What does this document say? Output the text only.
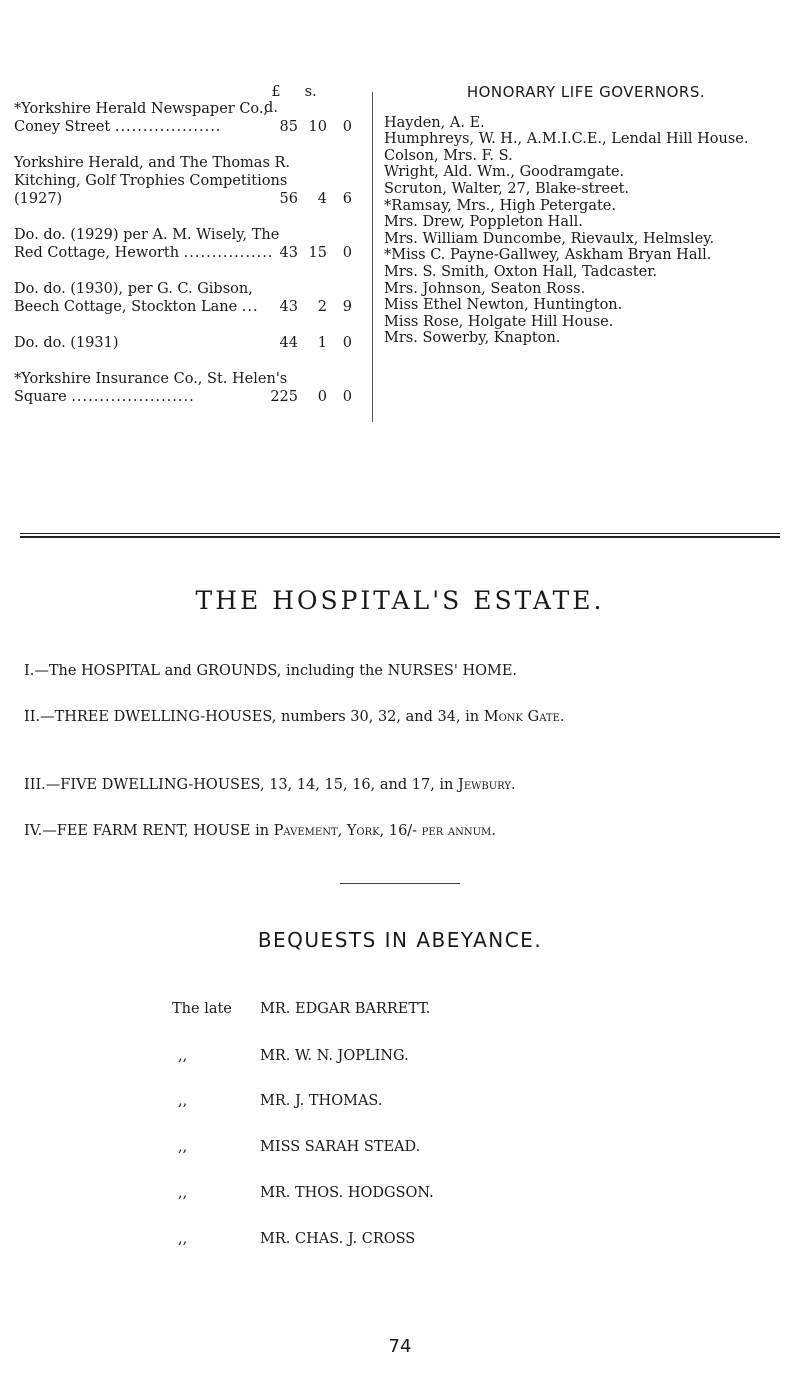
£ s. d.
*Yorkshire Herald Newspaper Co., Coney Street ...................	85 10	0
Yorkshire Herald, and The Thomas R. Kitching, Golf Trophies Competitions (1927)	56	4	6
Do. do. (1929) per A. M. Wisely, The Red Cottage, Heworth ................ 43 15	0
Do. do. (1930), per G. C. Gibson, Beech Cottage, Stockton Lane ...	43	2	9
Do. do. (1931)	44	1	0
*Yorkshire Insurance Co., St. Helen's Square ......................	225	0	0
HONORARY LIFE GOVERNORS.
Hayden, A. E.
Humphreys, W. H., A.M.I.C.E., Lendal Hill House.
Colson, Mrs. F. S.
Wright, Ald. Wm., Goodramgate.
Scruton, Walter, 27, Blake-street.
*Ramsay, Mrs., High Petergate.
Mrs. Drew, Poppleton Hall.
Mrs. William Duncombe, Rievaulx, Helmsley.
*Miss C. Payne-Gallwey, Askham Bryan Hall.
Mrs. S. Smith, Oxton Hall, Tadcaster.
Mrs. Johnson, Seaton Ross.
Miss Ethel Newton, Huntington.
Miss Rose, Holgate Hill House.
Mrs. Sowerby, Knapton.
THE HOSPITAL'S ESTATE.
I.—The HOSPITAL and GROUNDS, including the NURSES' HOME.
II.—THREE DWELLING-HOUSES, numbers 30, 32, and 34, in Monk Gate.
III.—FIVE DWELLING-HOUSES, 13, 14, 15, 16, and 17, in Jewbury.
IV.—FEE FARM RENT, HOUSE in Pavement, York, 16/- per annum.
BEQUESTS IN ABEYANCE.
The late MR. EDGAR BARRETT.
,,	MR. W. N. JOPLING.
,,	MR. J. THOMAS.
,,	MISS SARAH STEAD.
,,	MR. THOS. HODGSON.
,,	MR. CHAS. J. CROSS
74
